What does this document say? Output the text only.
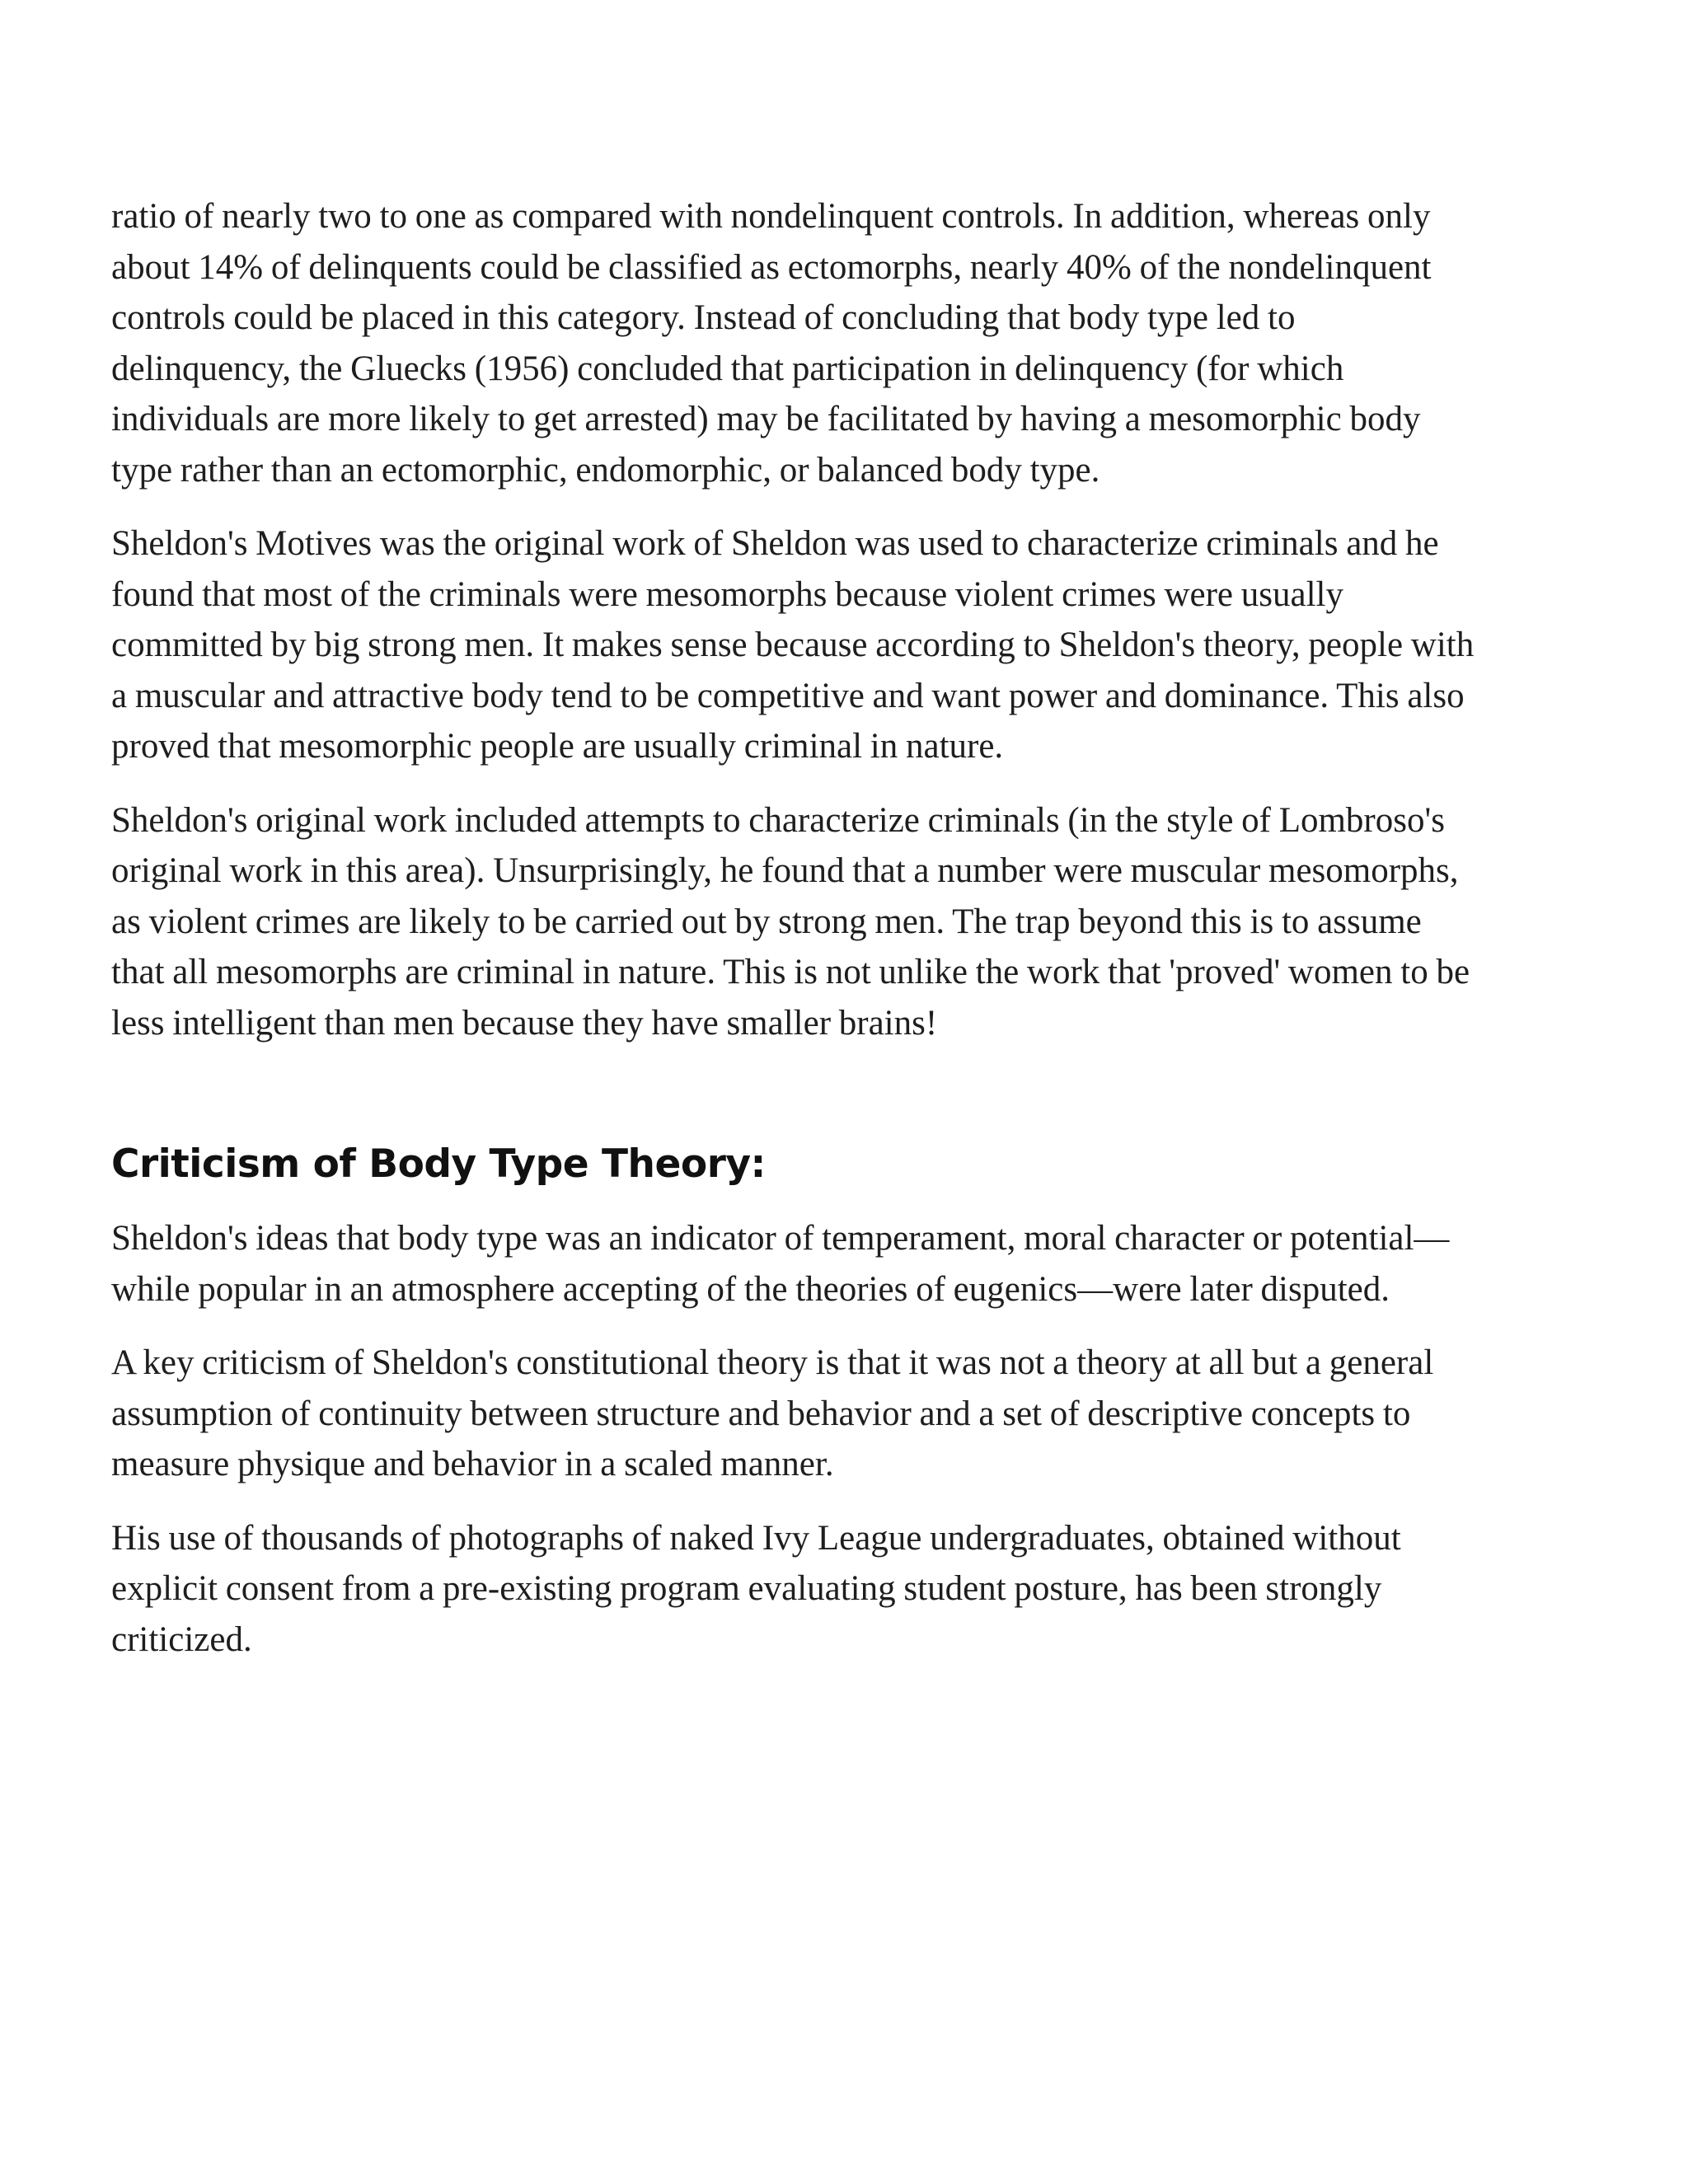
ratio of nearly two to one as compared with nondelinquent controls. In addition, whereas only about 14% of delinquents could be classified as ectomorphs, nearly 40% of the nondelinquent controls could be placed in this category. Instead of concluding that body type led to delinquency, the Gluecks (1956) concluded that participation in delinquency (for which individuals are more likely to get arrested) may be facilitated by having a mesomorphic body type rather than an ectomorphic, endomorphic, or balanced body type.

Sheldon's Motives was the original work of Sheldon was used to characterize criminals and he found that most of the criminals were mesomorphs because violent crimes were usually committed by big strong men. It makes sense because according to Sheldon's theory, people with a muscular and attractive body tend to be competitive and want power and dominance. This also proved that mesomorphic people are usually criminal in nature.

Sheldon's original work included attempts to characterize criminals (in the style of Lombroso's original work in this area). Unsurprisingly, he found that a number were muscular mesomorphs, as violent crimes are likely to be carried out by strong men. The trap beyond this is to assume that all mesomorphs are criminal in nature. This is not unlike the work that 'proved' women to be less intelligent than men because they have smaller brains!

Criticism of Body Type Theory:

Sheldon's ideas that body type was an indicator of temperament, moral character or potential—while popular in an atmosphere accepting of the theories of eugenics—were later disputed.

A key criticism of Sheldon's constitutional theory is that it was not a theory at all but a general assumption of continuity between structure and behavior and a set of descriptive concepts to measure physique and behavior in a scaled manner.

His use of thousands of photographs of naked Ivy League undergraduates, obtained without explicit consent from a pre-existing program evaluating student posture, has been strongly criticized.
